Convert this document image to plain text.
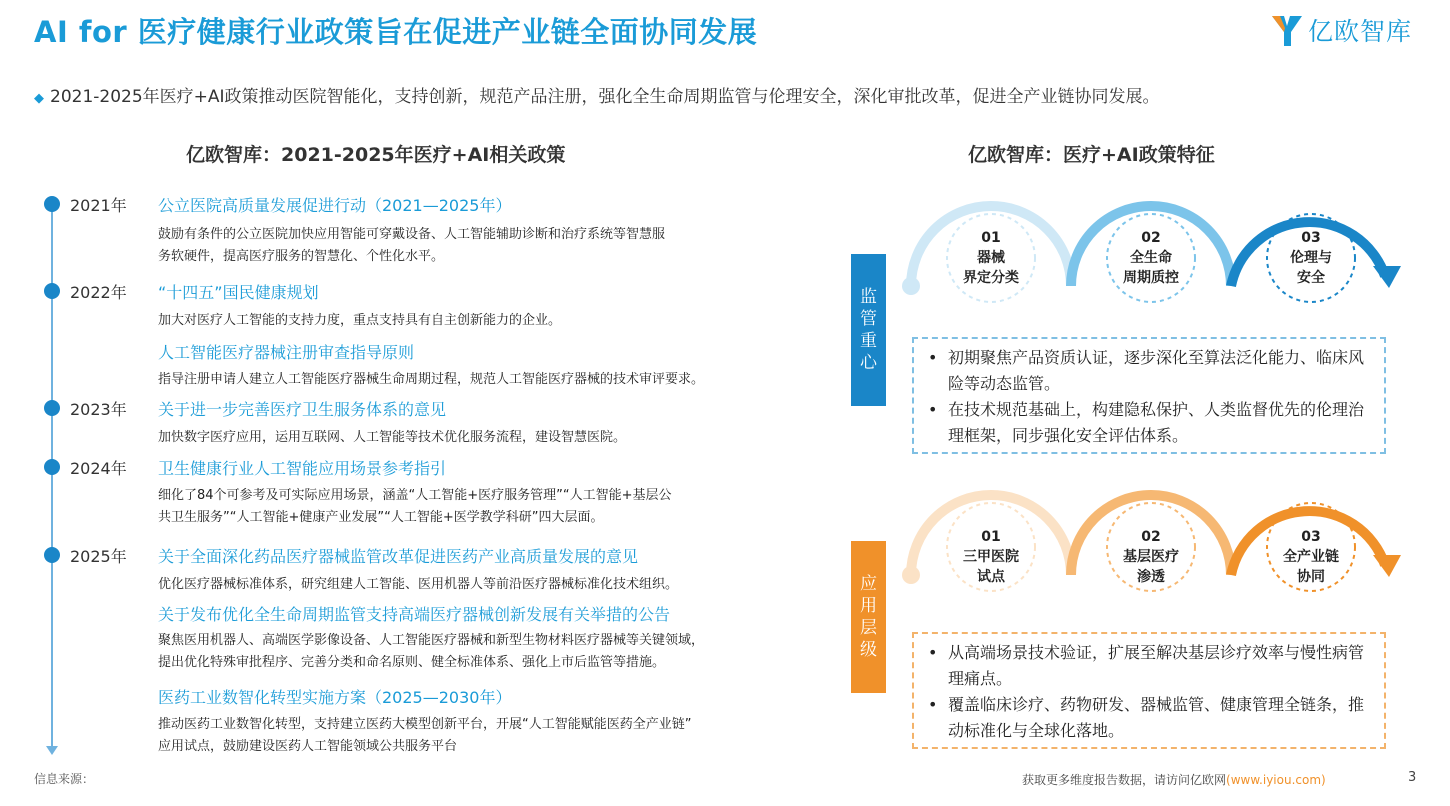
AI for 医疗健康行业政策旨在促进产业链全面协同发展	亿欧智库
◆ 2021-2025年医疗+AI政策推动医院智能化，支持创新，规范产品注册，强化全生命周期监管与伦理安全，深化审批改革，促进全产业链协同发展。
亿欧智库：2021-2025年医疗+AI相关政策	亿欧智库：医疗+AI政策特征
2021年 公立医院高质量发展促进行动（2021—2025年）
鼓励有条件的公立医院加快应用智能可穿戴设备、人工智能辅助诊断和治疗系统等智慧服
务软硬件，提高医疗服务的智慧化、个性化水平。
2022年 “十四五”国民健康规划
加大对医疗人工智能的支持力度，重点支持具有自主创新能力的企业。
人工智能医疗器械注册审查指导原则
指导注册申请人建立人工智能医疗器械生命周期过程，规范人工智能医疗器械的技术审评要求。
2023年 关于进一步完善医疗卫生服务体系的意见
加快数字医疗应用，运用互联网、人工智能等技术优化服务流程，建设智慧医院。
2024年 卫生健康行业人工智能应用场景参考指引
细化了84个可参考及可实际应用场景，涵盖“人工智能+医疗服务管理”“人工智能+基层公
共卫生服务”“人工智能+健康产业发展”“人工智能+医学教学科研”四大层面。
2025年 关于全面深化药品医疗器械监管改革促进医药产业高质量发展的意见
优化医疗器械标准体系，研究组建人工智能、医用机器人等前沿医疗器械标准化技术组织。
关于发布优化全生命周期监管支持高端医疗器械创新发展有关举措的公告
聚焦医用机器人、高端医学影像设备、人工智能医疗器械和新型生物材料医疗器械等关键领域，
提出优化特殊审批程序、完善分类和命名原则、健全标准体系、强化上市后监管等措施。
医药工业数智化转型实施方案（2025—2030年）
推动医药工业数智化转型，支持建立医药大模型创新平台，开展“人工智能赋能医药全产业链”
应用试点，鼓励建设医药人工智能领域公共服务平台
监管重心
01
器械
界定分类
02
全生命
周期质控
03
伦理与
安全
• 初期聚焦产品资质认证，逐步深化至算法泛化能力、临床风险等动态监管。
• 在技术规范基础上，构建隐私保护、人类监督优先的伦理治理框架，同步强化安全评估体系。
应用层级
01
三甲医院
试点
02
基层医疗
渗透
03
全产业链
协同
• 从高端场景技术验证，扩展至解决基层诊疗效率与慢性病管理痛点。
• 覆盖临床诊疗、药物研发、器械监管、健康管理全链条，推动标准化与全球化落地。
信息来源：	获取更多维度报告数据，请访问亿欧网(www.iyiou.com)	3
